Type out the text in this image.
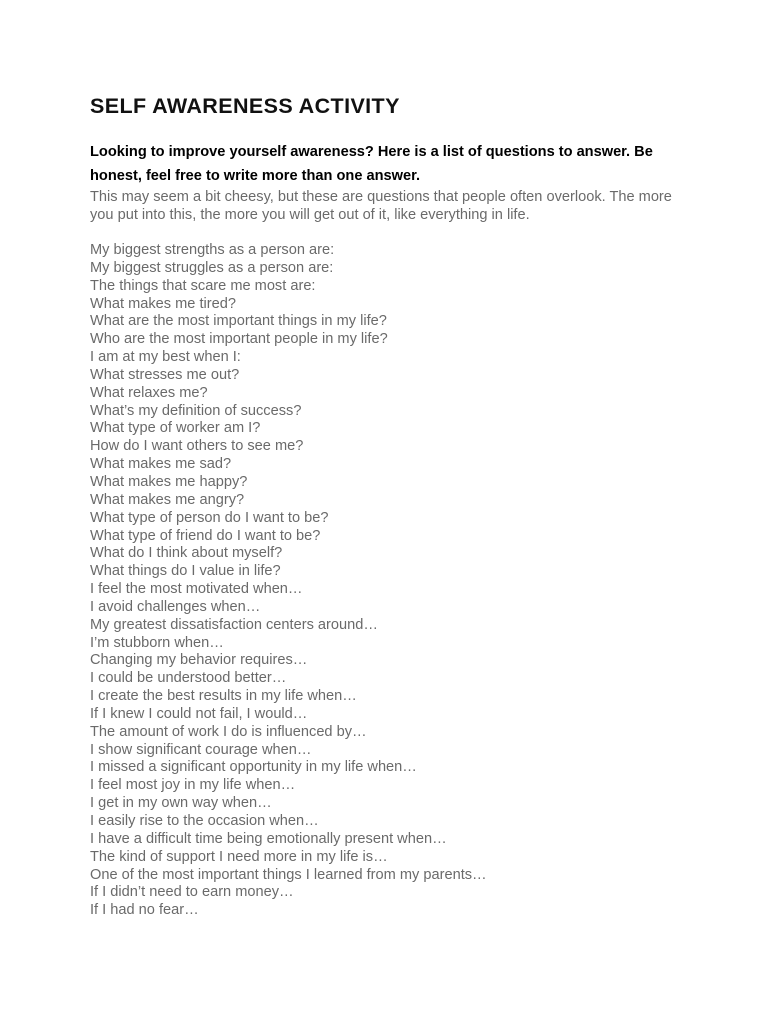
SELF AWARENESS ACTIVITY

Looking to improve yourself awareness? Here is a list of questions to answer. Be honest, feel free to write more than one answer.

This may seem a bit cheesy, but these are questions that people often overlook. The more you put into this, the more you will get out of it, like everything in life.

My biggest strengths as a person are:
My biggest struggles as a person are:
The things that scare me most are:
What makes me tired?
What are the most important things in my life?
Who are the most important people in my life?
I am at my best when I:
What stresses me out?
What relaxes me?
What’s my definition of success?
What type of worker am I?
How do I want others to see me?
What makes me sad?
What makes me happy?
What makes me angry?
What type of person do I want to be?
What type of friend do I want to be?
What do I think about myself?
What things do I value in life?
I feel the most motivated when…
I avoid challenges when…
My greatest dissatisfaction centers around…
I’m stubborn when…
Changing my behavior requires…
I could be understood better…
I create the best results in my life when…
If I knew I could not fail, I would…
The amount of work I do is influenced by…
I show significant courage when…
I missed a significant opportunity in my life when…
I feel most joy in my life when…
I get in my own way when…
I easily rise to the occasion when…
I have a difficult time being emotionally present when…
The kind of support I need more in my life is…
One of the most important things I learned from my parents…
If I didn’t need to earn money…
If I had no fear…
